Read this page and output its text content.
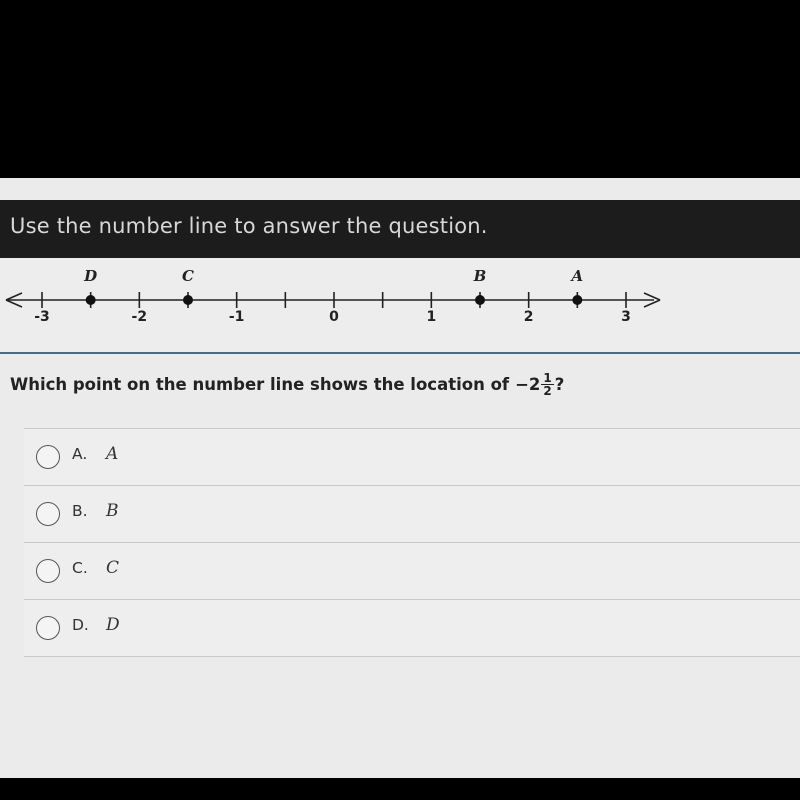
Use the number line to answer the question.
-3	-2	-1	0	1	2	3
D	C	B	A
Which point on the number line shows the location of $-2 \frac{1}{2}$ ?
A. A
B. B
C. C
D. D
